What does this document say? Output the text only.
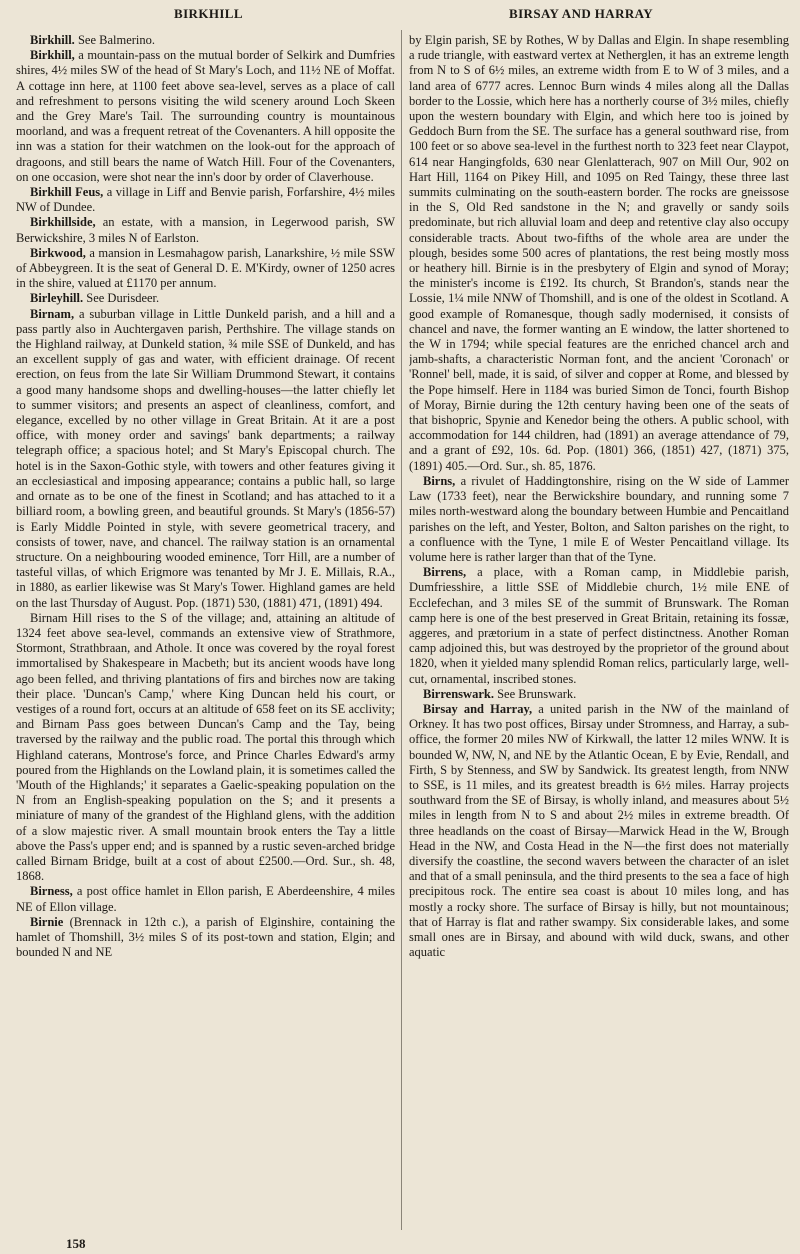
BIRKHILL	BIRSAY AND HARRAY

Birkhill. See Balmerino.

Birkhill, a mountain-pass on the mutual border of Selkirk and Dumfries shires, 4½ miles SW of the head of St Mary's Loch, and 11½ NE of Moffat. A cottage inn here, at 1100 feet above sea-level, serves as a place of call and refreshment to persons visiting the wild scenery around Loch Skeen and the Grey Mare's Tail. The surrounding country is mountainous moorland, and was a frequent retreat of the Covenanters. A hill opposite the inn was a station for their watchmen on the look-out for the approach of dragoons, and still bears the name of Watch Hill. Four of the Covenanters, on one occasion, were shot near the inn's door by order of Claverhouse.

Birkhill Feus, a village in Liff and Benvie parish, Forfarshire, 4½ miles NW of Dundee.

Birkhillside, an estate, with a mansion, in Legerwood parish, SW Berwickshire, 3 miles N of Earlston.

Birkwood, a mansion in Lesmahagow parish, Lanarkshire, ½ mile SSW of Abbeygreen. It is the seat of General D. E. M'Kirdy, owner of 1250 acres in the shire, valued at £1170 per annum.

Birleyhill. See Durisdeer.

Birnam, a suburban village in Little Dunkeld parish, and a hill and a pass partly also in Auchtergaven parish, Perthshire. The village stands on the Highland railway, at Dunkeld station, ¾ mile SSE of Dunkeld, and has an excellent supply of gas and water, with efficient drainage. Of recent erection, on feus from the late Sir William Drummond Stewart, it contains a good many handsome shops and dwelling-houses—the latter chiefly let to summer visitors; and presents an aspect of cleanliness, comfort, and elegance, excelled by no other village in Great Britain. At it are a post office, with money order and savings' bank departments; a railway telegraph office; a spacious hotel; and St Mary's Episcopal church. The hotel is in the Saxon-Gothic style, with towers and other features giving it an ecclesiastical and imposing appearance; contains a public hall, so large and ornate as to be one of the finest in Scotland; and has attached to it a billiard room, a bowling green, and beautiful grounds. St Mary's (1856-57) is Early Middle Pointed in style, with severe geometrical tracery, and consists of tower, nave, and chancel. The railway station is an ornamental structure. On a neighbouring wooded eminence, Torr Hill, are a number of tasteful villas, of which Erigmore was tenanted by Mr J. E. Millais, R.A., in 1880, as earlier likewise was St Mary's Tower. Highland games are held on the last Thursday of August. Pop. (1871) 530, (1881) 471, (1891) 494.

Birnam Hill rises to the S of the village; and, attaining an altitude of 1324 feet above sea-level, commands an extensive view of Strathmore, Stormont, Strathbraan, and Athole. It once was covered by the royal forest immortalised by Shakespeare in Macbeth; but its ancient woods have long ago been felled, and thriving plantations of firs and birches now are taking their place. 'Duncan's Camp,' where King Duncan held his court, or vestiges of a round fort, occurs at an altitude of 658 feet on its SE acclivity; and Birnam Pass goes between Duncan's Camp and the Tay, being traversed by the railway and the public road. The portal this through which Highland caterans, Montrose's force, and Prince Charles Edward's army poured from the Highlands on the Lowland plain, it is sometimes called the 'Mouth of the Highlands;' it separates a Gaelic-speaking population on the N from an English-speaking population on the S; and it presents a miniature of many of the grandest of the Highland glens, with the addition of a slow majestic river. A small mountain brook enters the Tay a little above the Pass's upper end; and is spanned by a rustic seven-arched bridge called Birnam Bridge, built at a cost of about £2500.—Ord. Sur., sh. 48, 1868.

Birness, a post office hamlet in Ellon parish, E Aberdeenshire, 4 miles NE of Ellon village.

Birnie (Brennack in 12th c.), a parish of Elginshire, containing the hamlet of Thomshill, 3½ miles S of its post-town and station, Elgin; and bounded N and NE

by Elgin parish, SE by Rothes, W by Dallas and Elgin. In shape resembling a rude triangle, with eastward vertex at Netherglen, it has an extreme length from N to S of 6½ miles, an extreme width from E to W of 3 miles, and a land area of 6777 acres. Lennoc Burn winds 4 miles along all the Dallas border to the Lossie, which here has a northerly course of 3½ miles, chiefly upon the western boundary with Elgin, and which here too is joined by Geddoch Burn from the SE. The surface has a general southward rise, from 100 feet or so above sea-level in the furthest north to 323 feet near Claypot, 614 near Hangingfolds, 630 near Glenlatterach, 907 on Mill Our, 902 on Hart Hill, 1164 on Pikey Hill, and 1095 on Red Taingy, these three last summits culminating on the south-eastern border. The rocks are gneissose in the S, Old Red sandstone in the N; and gravelly or sandy soils predominate, but rich alluvial loam and deep and retentive clay also occupy considerable tracts. About two-fifths of the whole area are under the plough, besides some 500 acres of plantations, the rest being mostly moss or heathery hill. Birnie is in the presbytery of Elgin and synod of Moray; the minister's income is £192. Its church, St Brandon's, stands near the Lossie, 1¼ mile NNW of Thomshill, and is one of the oldest in Scotland. A good example of Romanesque, though sadly modernised, it consists of chancel and nave, the former wanting an E window, the latter shortened to the W in 1794; while special features are the enriched chancel arch and jamb-shafts, a characteristic Norman font, and the ancient 'Coronach' or 'Ronnel' bell, made, it is said, of silver and copper at Rome, and blessed by the Pope himself. Here in 1184 was buried Simon de Tonci, fourth Bishop of Moray, Birnie during the 12th century having been one of the seats of that bishopric, Spynie and Kenedor being the others. A public school, with accommodation for 144 children, had (1891) an average attendance of 79, and a grant of £92, 10s. 6d. Pop. (1801) 366, (1851) 427, (1871) 375, (1891) 405.—Ord. Sur., sh. 85, 1876.

Birns, a rivulet of Haddingtonshire, rising on the W side of Lammer Law (1733 feet), near the Berwickshire boundary, and running some 7 miles north-westward along the boundary between Humbie and Pencaitland parishes on the left, and Yester, Bolton, and Salton parishes on the right, to a confluence with the Tyne, 1 mile E of Wester Pencaitland village. Its volume here is rather larger than that of the Tyne.

Birrens, a place, with a Roman camp, in Middlebie parish, Dumfriesshire, a little SSE of Middlebie church, 1½ mile ENE of Ecclefechan, and 3 miles SE of the summit of Brunswark. The Roman camp here is one of the best preserved in Great Britain, retaining its fossæ, aggeres, and prætorium in a state of perfect distinctness. Another Roman camp adjoined this, but was destroyed by the proprietor of the ground about 1820, when it yielded many splendid Roman relics, particularly large, well-cut, ornamental, inscribed stones.

Birrenswark. See Brunswark.

Birsay and Harray, a united parish in the NW of the mainland of Orkney. It has two post offices, Birsay under Stromness, and Harray, a sub-office, the former 20 miles NW of Kirkwall, the latter 12 miles WNW. It is bounded W, NW, N, and NE by the Atlantic Ocean, E by Evie, Rendall, and Firth, S by Stenness, and SW by Sandwick. Its greatest length, from NNW to SSE, is 11 miles, and its greatest breadth is 6½ miles. Harray projects southward from the SE of Birsay, is wholly inland, and measures about 5½ miles in length from N to S and about 2½ miles in extreme breadth. Of three headlands on the coast of Birsay—Marwick Head in the W, Brough Head in the NW, and Costa Head in the N—the first does not materially diversify the coastline, the second wavers between the character of an islet and that of a small peninsula, and the third presents to the sea a face of high precipitous rock. The entire sea coast is about 10 miles long, and has mostly a rocky shore. The surface of Birsay is hilly, but not mountainous; that of Harray is flat and rather swampy. Six considerable lakes, and some small ones are in Birsay, and abound with wild duck, swans, and other aquatic

158
